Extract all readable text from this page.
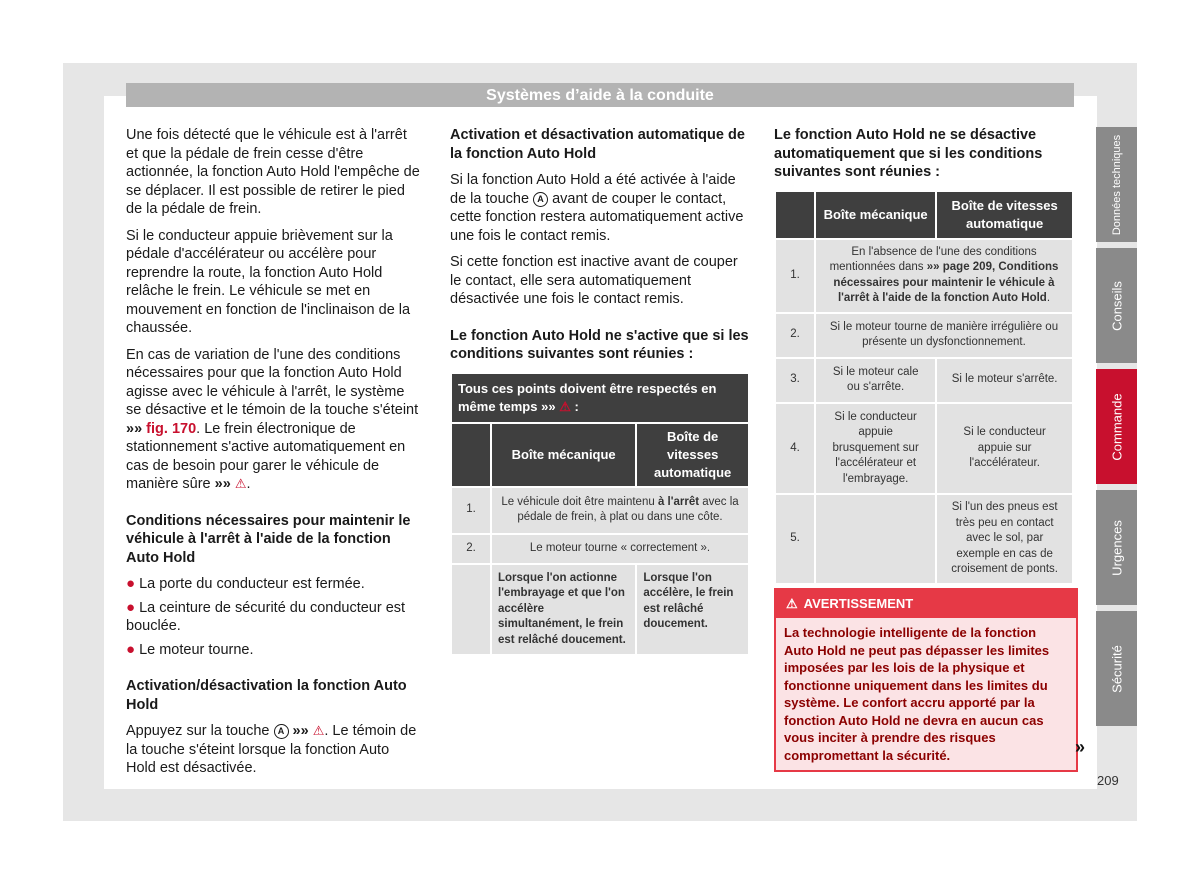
Systèmes d’aide à la conduite

Une fois détecté que le véhicule est à l'arrêt et que la pédale de frein cesse d'être actionnée, la fonction Auto Hold l'empêche de se déplacer. Il est possible de retirer le pied de la pédale de frein.

Si le conducteur appuie brièvement sur la pédale d'accélérateur ou accélère pour reprendre la route, la fonction Auto Hold relâche le frein. Le véhicule se met en mouvement en fonction de l'inclinaison de la chaussée.

En cas de variation de l'une des conditions nécessaires pour que la fonction Auto Hold agisse avec le véhicule à l'arrêt, le système se désactive et le témoin de la touche s'éteint »» fig. 170. Le frein électronique de stationnement s'active automatiquement en cas de besoin pour garer le véhicule de manière sûre »» ⚠.

Conditions nécessaires pour maintenir le véhicule à l'arrêt à l'aide de la fonction Auto Hold
● La porte du conducteur est fermée.
● La ceinture de sécurité du conducteur est bouclée.
● Le moteur tourne.
Activation/désactivation la fonction Auto Hold

Appuyez sur la touche A »» ⚠. Le témoin de la touche s'éteint lorsque la fonction Auto Hold est désactivée.

Activation et désactivation automatique de la fonction Auto Hold

Si la fonction Auto Hold a été activée à l'aide de la touche A avant de couper le contact, cette fonction restera automatiquement active une fois le contact remis.

Si cette fonction est inactive avant de couper le contact, elle sera automatiquement désactivée une fois le contact remis.

Le fonction Auto Hold ne s'active que si les conditions suivantes sont réunies :
Tous ces points doivent être respectés en même temps »» ⚠ :		
	Boîte mécanique	Boîte de vitesses automatique
1.	Le véhicule doit être maintenu à l'arrêt avec la pédale de frein, à plat ou dans une côte.	
2.	Le moteur tourne « correctement ».	
	Lorsque l'on actionne l'embrayage et que l'on accélère simultanément, le frein est relâché doucement.	Lorsque l'on accélère, le frein est relâché doucement.
Le fonction Auto Hold ne se désactive automatiquement que si les conditions suivantes sont réunies :
	Boîte mécanique	Boîte de vitesses automatique
1.	En l'absence de l'une des conditions mentionnées dans »» page 209, Conditions nécessaires pour maintenir le véhicule à l'arrêt à l'aide de la fonction Auto Hold.	
2.	Si le moteur tourne de manière irrégulière ou présente un dysfonctionnement.	
3.	Si le moteur cale ou s'arrête.	Si le moteur s'arrête.
4.	Si le conducteur appuie brusquement sur l'accélérateur et l'embrayage.	Si le conducteur appuie sur l'accélérateur.
5.		Si l'un des pneus est très peu en contact avec le sol, par exemple en cas de croisement de ponts.
⚠ AVERTISSEMENT
La technologie intelligente de la fonction Auto Hold ne peut pas dépasser les limites imposées par les lois de la physique et fonctionne uniquement dans les limites du système. Le confort accru apporté par la fonction Auto Hold ne devra en aucun cas vous inciter à prendre des risques compromettant la sécurité.	»
Données techniques
Conseils
Commande
Urgences
Sécurité
209
